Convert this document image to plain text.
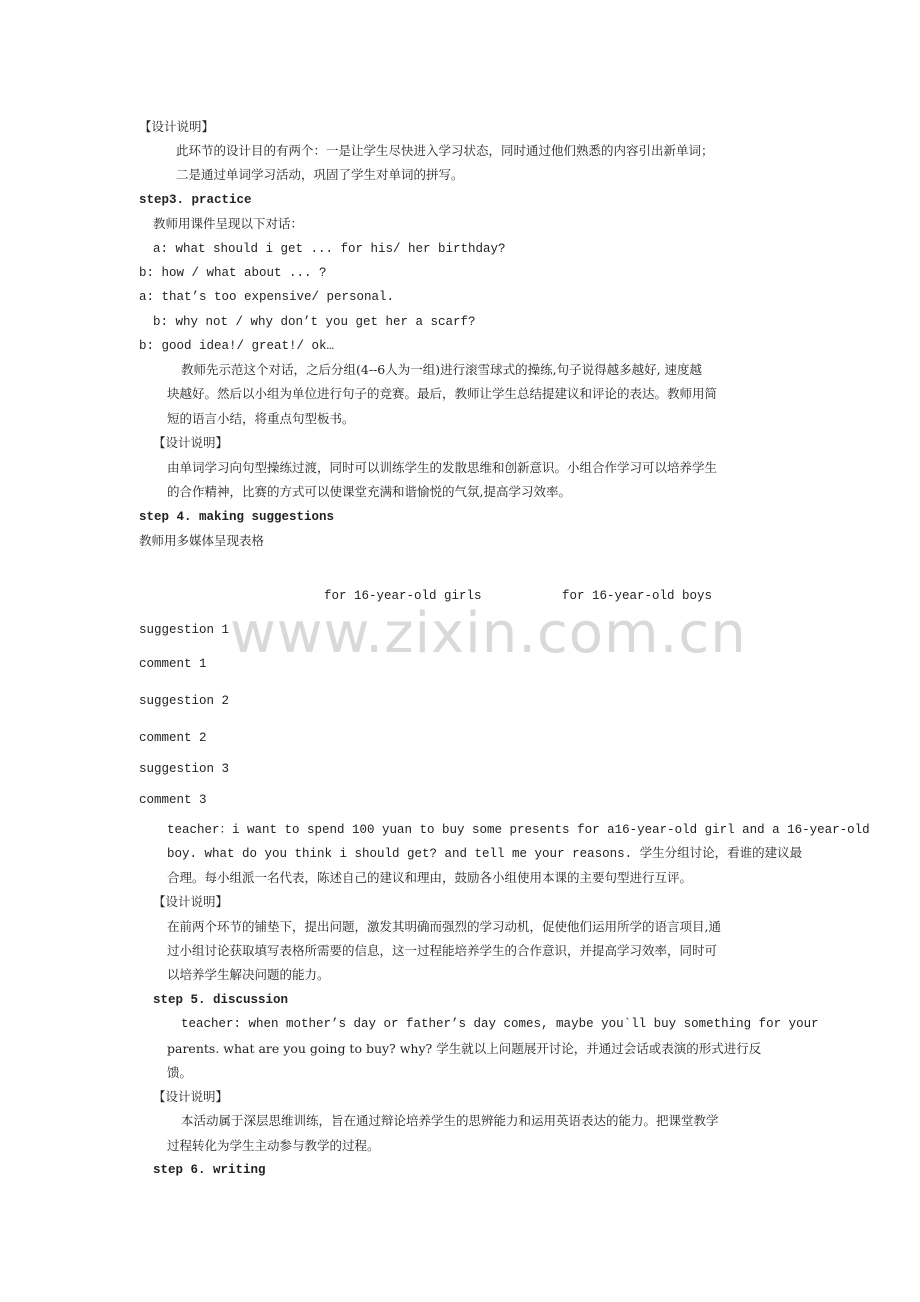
www.zixin.com.cn
【设计说明】
此环节的设计目的有两个：一是让学生尽快进入学习状态，同时通过他们熟悉的内容引出新单词；
二是通过单词学习活动，巩固了学生对单词的拼写。
step3. practice
教师用课件呈现以下对话：
a: what should i get ... for his/ her birthday?
b: how / what about ... ?
a: that’s too expensive/ personal.
b: why not / why don’t you get her a scarf?
b: good idea!/ great!/ ok…
教师先示范这个对话，之后分组(4--6人为一组)进行滚雪球式的操练,句子说得越多越好, 速度越
块越好。然后以小组为单位进行句子的竞赛。最后，教师让学生总结提建议和评论的表达。教师用简
短的语言小结，将重点句型板书。
【设计说明】
由单词学习向句型操练过渡，同时可以训练学生的发散思维和创新意识。小组合作学习可以培养学生
的合作精神，比赛的方式可以使课堂充满和谐愉悦的气氛,提高学习效率。
step 4. making suggestions
教师用多媒体呈现表格
for 16-year-old girls	for 16-year-old boys
suggestion 1
comment 1
suggestion 2
comment 2
suggestion 3
comment 3
teacher：i want to spend 100 yuan to buy some presents for a16-year-old girl and a 16-year-old
boy. what do you think i should get? and tell me your reasons. 学生分组讨论，看谁的建议最
合理。每小组派一名代表，陈述自己的建议和理由，鼓励各小组使用本课的主要句型进行互评。
【设计说明】
在前两个环节的铺垫下，提出问题，激发其明确而强烈的学习动机，促使他们运用所学的语言项目,通
过小组讨论获取填写表格所需要的信息，这一过程能培养学生的合作意识，并提高学习效率，同时可
以培养学生解决问题的能力。
step 5. discussion
teacher: when mother’s day or father’s day comes, maybe you`ll buy something for your
parents. what are you going to buy? why? 学生就以上问题展开讨论，并通过会话或表演的形式进行反
馈。
【设计说明】
本活动属于深层思维训练，旨在通过辩论培养学生的思辨能力和运用英语表达的能力。把课堂教学
过程转化为学生主动参与教学的过程。
step 6. writing
